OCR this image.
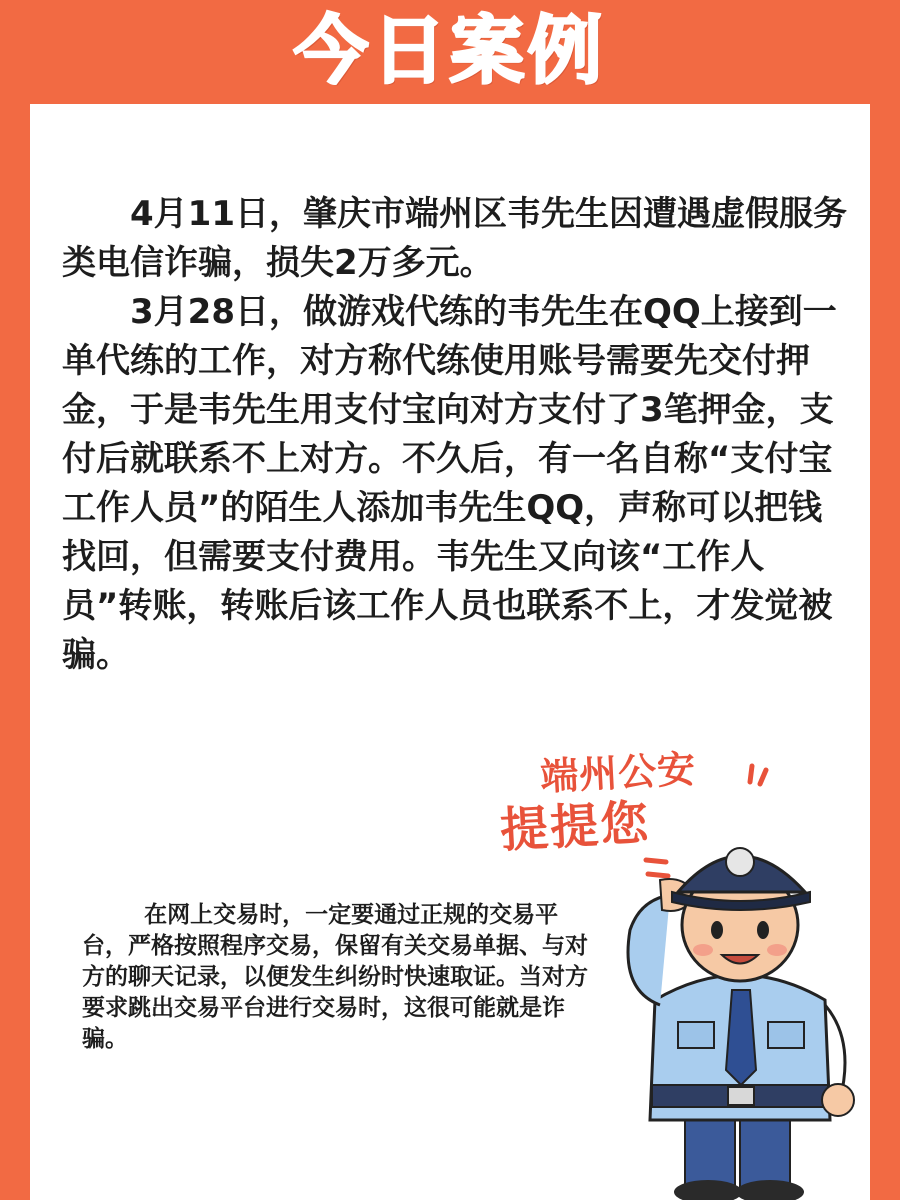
今日案例

4月11日，肇庆市端州区韦先生因遭遇虚假服务类电信诈骗，损失2万多元。

3月28日，做游戏代练的韦先生在QQ上接到一单代练的工作，对方称代练使用账号需要先交付押金，于是韦先生用支付宝向对方支付了3笔押金，支付后就联系不上对方。不久后，有一名自称“支付宝工作人员”的陌生人添加韦先生QQ，声称可以把钱找回，但需要支付费用。韦先生又向该“工作人员”转账，转账后该工作人员也联系不上，才发觉被骗。

端州公安
提提您
在网上交易时，一定要通过正规的交易平台，严格按照程序交易，保留有关交易单据、与对方的聊天记录，以便发生纠纷时快速取证。当对方要求跳出交易平台进行交易时，这很可能就是诈骗。
